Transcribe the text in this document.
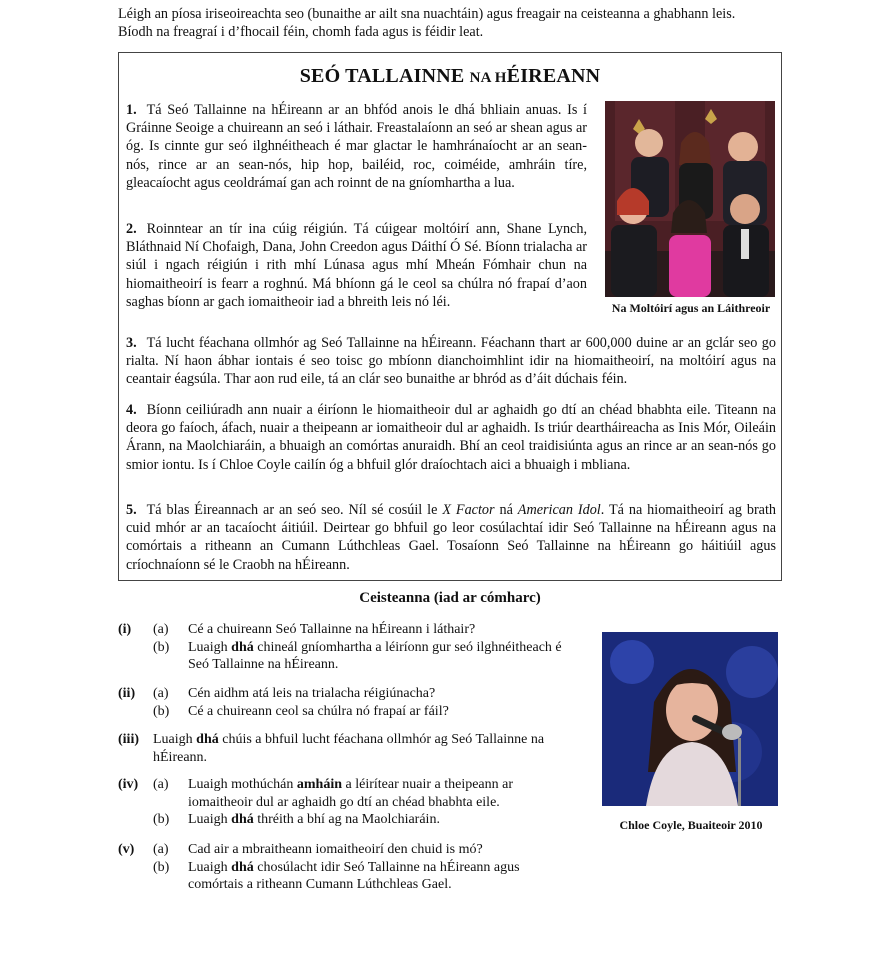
Léigh an píosa iriseoireachta seo (bunaithe ar ailt sna nuachtáin) agus freagair na ceisteanna a ghabhann leis.
Bíodh na freagraí i d’fhocail féin, chomh fada agus is féidir leat.
SEÓ TALLAINNE NA HÉIREANN
1. Tá Seó Tallainne na hÉireann ar an bhfód anois le dhá bhliain anuas. Is í Gráinne Seoige a chuireann an seó i láthair. Freastalaíonn an seó ar shean agus ar óg. Is cinnte gur seó ilghnéitheach é mar glactar le hamhránaíocht ar an sean-nós, rince ar an sean-nós, hip hop, bailéid, roc, coiméide, amhráin tíre, gleacaíocht agus ceoldrámaí gan ach roinnt de na gníomhartha a lua.
Na Moltóirí agus an Láithreoir
2. Roinntear an tír ina cúig réigiún. Tá cúigear moltóirí ann, Shane Lynch, Bláthnaid Ní Chofaigh, Dana, John Creedon agus Dáithí Ó Sé. Bíonn trialacha ar siúl i ngach réigiún i rith mhí Lúnasa agus mhí Mheán Fómhair chun na hiomaitheoirí is fearr a roghnú. Má bhíonn gá le ceol sa chúlra nó frapaí d’aon saghas bíonn ar gach iomaitheoir iad a bhreith leis nó léi.
3. Tá lucht féachana ollmhór ag Seó Tallainne na hÉireann. Féachann thart ar 600,000 duine ar an gclár seo go rialta. Ní haon ábhar iontais é seo toisc go mbíonn dianchoimhlint idir na hiomaitheoirí, na moltóirí agus na ceantair éagsúla. Thar aon rud eile, tá an clár seo bunaithe ar bhród as d’áit dúchais féin.
4. Bíonn ceiliúradh ann nuair a éiríonn le hiomaitheoir dul ar aghaidh go dtí an chéad bhabhta eile. Titeann na deora go faíoch, áfach, nuair a theipeann ar iomaitheoir dul ar aghaidh. Is triúr deartháireacha as Inis Mór, Oileáin Árann, na Maolchiaráin, a bhuaigh an comórtas anuraidh. Bhí an ceol traidisiúnta agus an rince ar an sean-nós go smior iontu. Is í Chloe Coyle cailín óg a bhfuil glór draíochtach aici a bhuaigh i mbliana.
5. Tá blas Éireannach ar an seó seo. Níl sé cosúil le X Factor ná American Idol. Tá na hiomaitheoirí ag brath cuid mhór ar an tacaíocht áitiúil. Deirtear go bhfuil go leor cosúlachtaí idir Seó Tallainne na hÉireann agus na comórtais a ritheann an Cumann Lúthchleas Gael. Tosaíonn Seó Tallainne na hÉireann go háitiúil agus críochnaíonn sé le Craobh na hÉireann.
Ceisteanna (iad ar cómharc)
(i) (a) Cé a chuireann Seó Tallainne na hÉireann i láthair?
(b) Luaigh dhá chineál gníomhartha a léiríonn gur seó ilghnéitheach é Seó Tallainne na hÉireann.
(ii) (a) Cén aidhm atá leis na trialacha réigiúnacha?
(b) Cé a chuireann ceol sa chúlra nó frapaí ar fáil?
(iii) Luaigh dhá chúis a bhfuil lucht féachana ollmhór ag Seó Tallainne na hÉireann.
(iv) (a) Luaigh mothúchán amháin a léirítear nuair a theipeann ar iomaitheoir dul ar aghaidh go dtí an chéad bhabhta eile.
(b) Luaigh dhá thréith a bhí ag na Maolchiaráin.
(v) (a) Cad air a mbraitheann iomaitheoirí den chuid is mó?
(b) Luaigh dhá chosúlacht idir Seó Tallainne na hÉireann agus comórtais a ritheann Cumann Lúthchleas Gael.
Chloe Coyle, Buaiteoir 2010
